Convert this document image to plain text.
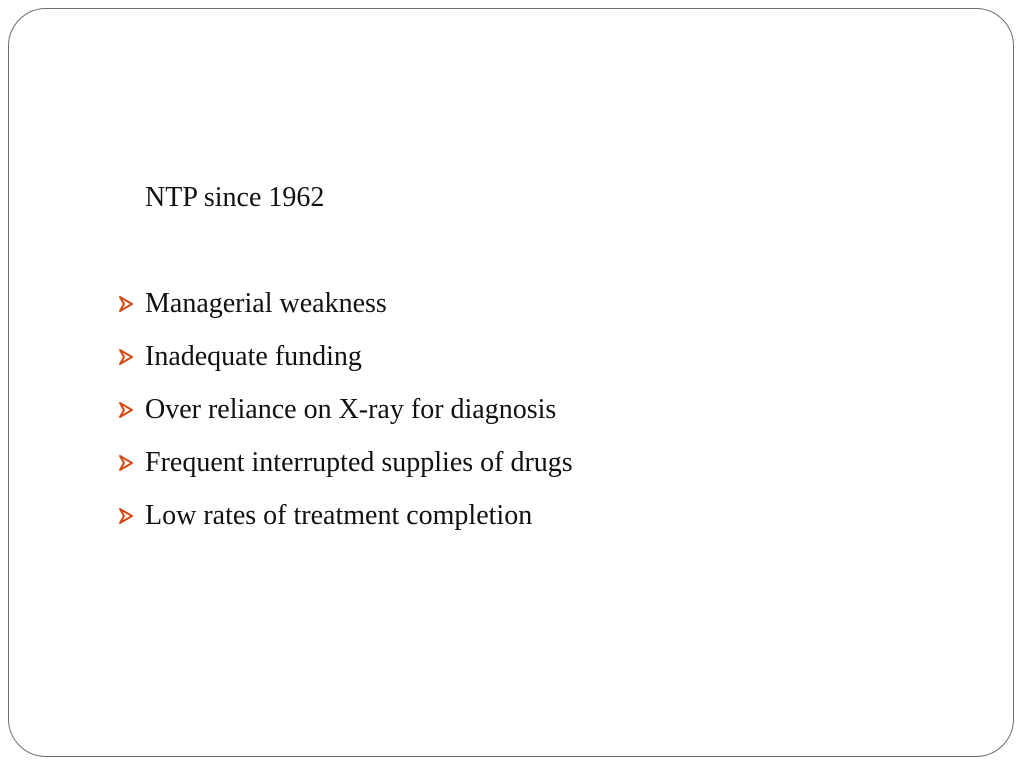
NTP since 1962
Managerial weakness
Inadequate funding
Over reliance on X-ray for diagnosis
Frequent interrupted supplies of drugs
Low rates of treatment completion
